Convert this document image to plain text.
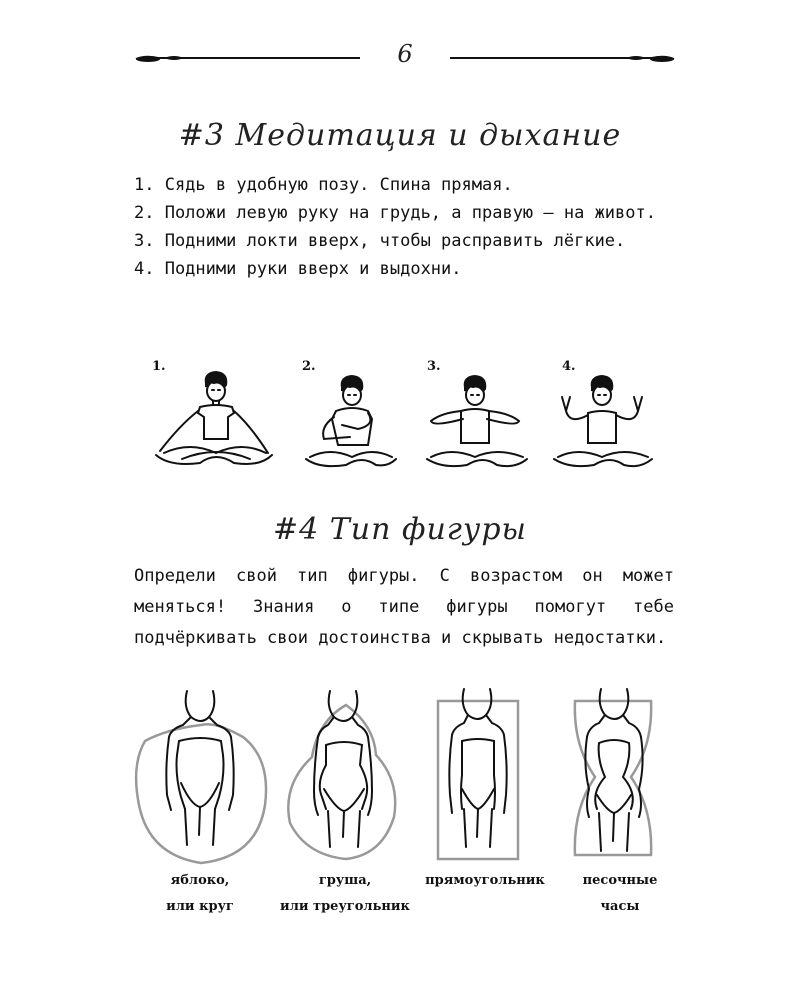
6
#3 Медитация и дыхание

1. Сядь в удобную позу. Спина прямая.

2. Положи левую руку на грудь, а правую — на живот.

3. Подними локти вверх, чтобы расправить лёгкие.

4. Подними руки вверх и выдохни.

1.	2.	3.	4.
#4 Тип фигуры

Определи свой тип фигуры. С возрастом он может меняться! Знания о типе фигуры помогут тебе подчёркивать свои достоинства и скрывать недостатки.

яблоко,
или круг
груша,
или треугольник
прямоугольник	песочные
часы
